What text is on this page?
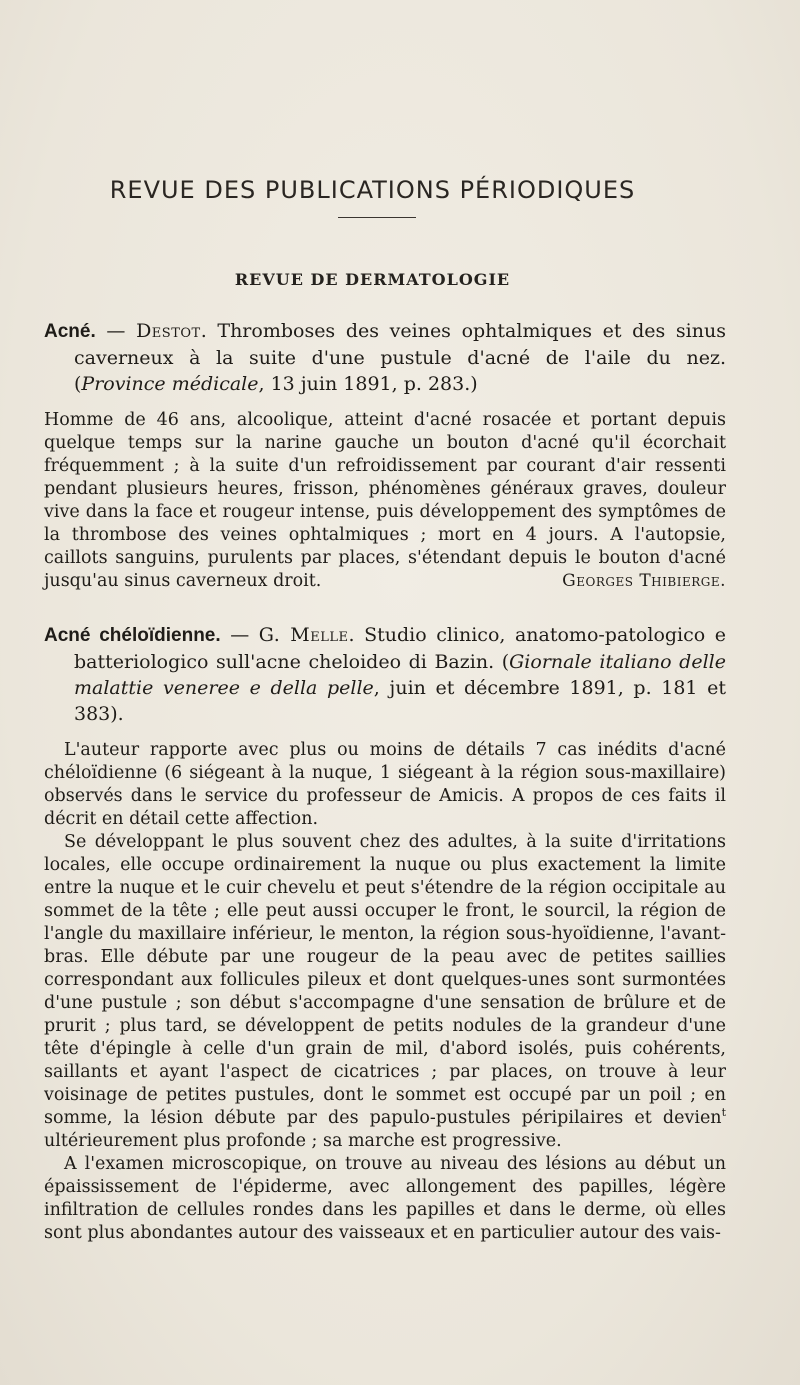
REVUE DES PUBLICATIONS PÉRIODIQUES
REVUE DE DERMATOLOGIE
Acné. — Destot. Thromboses des veines ophtalmiques et des sinus caverneux à la suite d'une pustule d'acné de l'aile du nez. (Province médicale, 13 juin 1891, p. 283.)

Homme de 46 ans, alcoolique, atteint d'acné rosacée et portant depuis quelque temps sur la narine gauche un bouton d'acné qu'il écorchait fréquemment ; à la suite d'un refroidissement par courant d'air ressenti pendant plusieurs heures, frisson, phénomènes généraux graves, douleur vive dans la face et rougeur intense, puis développement des symptômes de la thrombose des veines ophtalmiques ; mort en 4 jours. A l'autopsie, caillots sanguins, purulents par places, s'étendant depuis le bouton d'acné jusqu'au sinus caverneux droit.	Georges Thibierge.

Acné chéloïdienne. — G. Melle. Studio clinico, anatomo-patologico e batteriologico sull'acne cheloideo di Bazin. (Giornale italiano delle malattie veneree e della pelle, juin et décembre 1891, p. 181 et 383).

L'auteur rapporte avec plus ou moins de détails 7 cas inédits d'acné chéloïdienne (6 siégeant à la nuque, 1 siégeant à la région sous-maxillaire) observés dans le service du professeur de Amicis. A propos de ces faits il décrit en détail cette affection.

Se développant le plus souvent chez des adultes, à la suite d'irritations locales, elle occupe ordinairement la nuque ou plus exactement la limite entre la nuque et le cuir chevelu et peut s'étendre de la région occipitale au sommet de la tête ; elle peut aussi occuper le front, le sourcil, la région de l'angle du maxillaire inférieur, le menton, la région sous-hyoïdienne, l'avant-bras. Elle débute par une rougeur de la peau avec de petites saillies correspondant aux follicules pileux et dont quelques-unes sont surmontées d'une pustule ; son début s'accompagne d'une sensation de brûlure et de prurit ; plus tard, se développent de petits nodules de la grandeur d'une tête d'épingle à celle d'un grain de mil, d'abord isolés, puis cohérents, saillants et ayant l'aspect de cicatrices ; par places, on trouve à leur voisinage de petites pustules, dont le sommet est occupé par un poil ; en somme, la lésion débute par des papulo-pustules péripilaires et devien$^t$ ultérieurement plus profonde ; sa marche est progressive.

A l'examen microscopique, on trouve au niveau des lésions au début un épaississement de l'épiderme, avec allongement des papilles, légère infiltration de cellules rondes dans les papilles et dans le derme, où elles sont plus abondantes autour des vaisseaux et en particulier autour des vais-
